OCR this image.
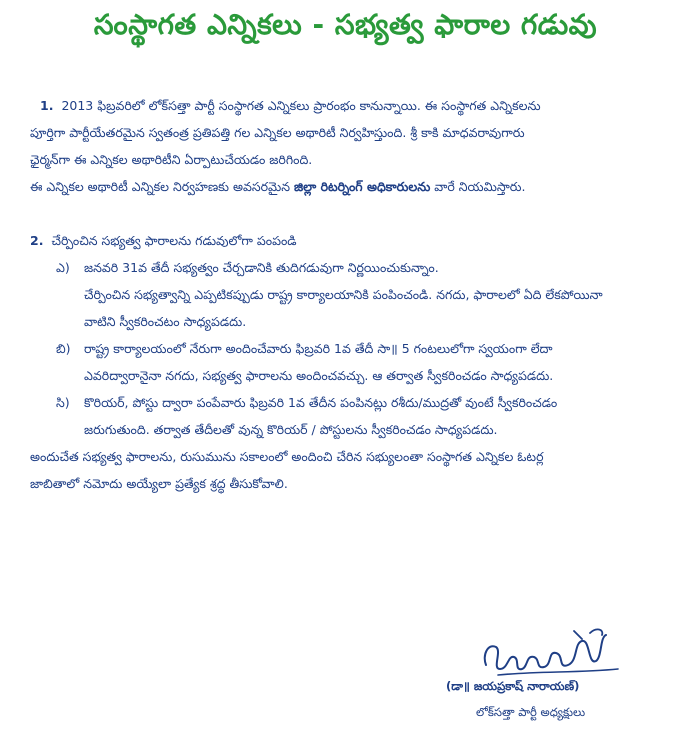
సంస్థాగత ఎన్నికలు - సభ్యత్వ ఫారాల గడువు

1. 2013 ఫిబ్రవరిలో లోక్‌సత్తా పార్టీ సంస్థాగత ఎన్నికలు ప్రారంభం కానున్నాయి. ఈ సంస్థాగత ఎన్నికలను

పూర్తిగా పార్టీయేతరమైన స్వతంత్ర ప్రతిపత్తి గల ఎన్నికల అథారిటీ నిర్వహిస్తుంది. శ్రీ కాకి మాధవరావుగారు

ఛైర్మన్‌గా ఈ ఎన్నికల అథారిటీని ఏర్పాటుచేయడం జరిగింది.

ఈ ఎన్నికల అథారిటీ ఎన్నికల నిర్వహణకు అవసరమైన జిల్లా రిటర్నింగ్ అధికారులను వారే నియమిస్తారు.

2. చేర్పించిన సభ్యత్వ ఫారాలను గడువులోగా పంపండి

ఎ) జనవరి 31వ తేదీ సభ్యత్వం చేర్చడానికి తుదిగడువుగా నిర్ణయించుకున్నాం.
చేర్పించిన సభ్యత్వాన్ని ఎప్పటికప్పుడు రాష్ట్ర కార్యాలయానికి పంపించండి. నగదు, ఫారాలలో ఏది లేకపోయినా
వాటిని స్వీకరించటం సాధ్యపడదు.
బి) రాష్ట్ర కార్యాలయంలో నేరుగా అందించేవారు ఫిబ్రవరి 1వ తేదీ సా॥ 5 గంటలులోగా స్వయంగా లేదా
ఎవరిద్వారానైనా నగదు, సభ్యత్వ ఫారాలను అందించవచ్చు. ఆ తర్వాత స్వీకరించడం సాధ్యపడదు.
సి) కొరియర్, పోస్టు ద్వారా పంపేవారు ఫిబ్రవరి 1వ తేదీన పంపినట్లు రశీదు/ముద్రతో వుంటే స్వీకరించడం
జరుగుతుంది. తర్వాత తేదీలతో వున్న కొరియర్ / పోస్టులను స్వీకరించడం సాధ్యపడదు.

అందుచేత సభ్యత్వ ఫారాలను, రుసుమును సకాలంలో అందించి చేరిన సభ్యులంతా సంస్థాగత ఎన్నికల ఓటర్ల

జాబితాలో నమోదు అయ్యేలా ప్రత్యేక శ్రద్ధ తీసుకోవాలి.

(డా॥ జయప్రకాష్ నారాయణ్)
లోక్‌సత్తా పార్టీ అధ్యక్షులు
